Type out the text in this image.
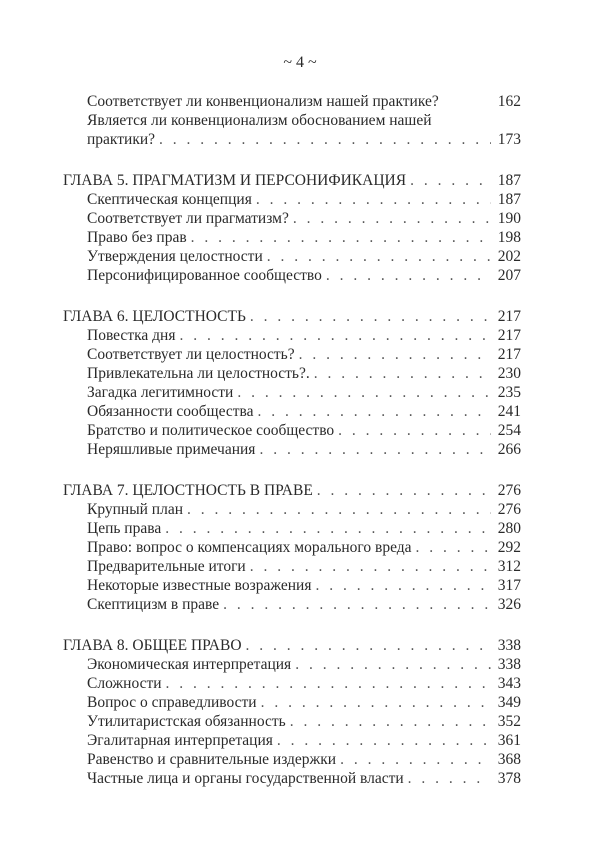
~ 4 ~
Соответствует ли конвенционализм нашей практике?	162
Является ли конвенционализм обоснованием нашей
практики? . . .	173
ГЛАВА 5. ПРАГМАТИЗМ И ПЕРСОНИФИКАЦИЯ . . .	187
Скептическая концепция . . .	187
Соответствует ли прагматизм? . . .	190
Право без прав . . .	198
Утверждения целостности . . .	202
Персонифицированное сообщество . . .	207
ГЛАВА 6. ЦЕЛОСТНОСТЬ . . .	217
Повестка дня . . .	217
Соответствует ли целостность? . . .	217
Привлекательна ли целостность?. . . .	230
Загадка легитимности . . .	235
Обязанности сообщества . . .	241
Братство и политическое сообщество . . .	254
Неряшливые примечания . . .	266
ГЛАВА 7. ЦЕЛОСТНОСТЬ В ПРАВЕ . . .	276
Крупный план . . .	276
Цепь права . . .	280
Право: вопрос о компенсациях морального вреда . . .	292
Предварительные итоги . . .	312
Некоторые известные возражения . . .	317
Скептицизм в праве . . .	326
ГЛАВА 8. ОБЩЕЕ ПРАВО . . .	338
Экономическая интерпретация . . .	338
Сложности . . .	343
Вопрос о справедливости . . .	349
Утилитаристская обязанность . . .	352
Эгалитарная интерпретация . . .	361
Равенство и сравнительные издержки . . .	368
Частные лица и органы государственной власти . . .	378
